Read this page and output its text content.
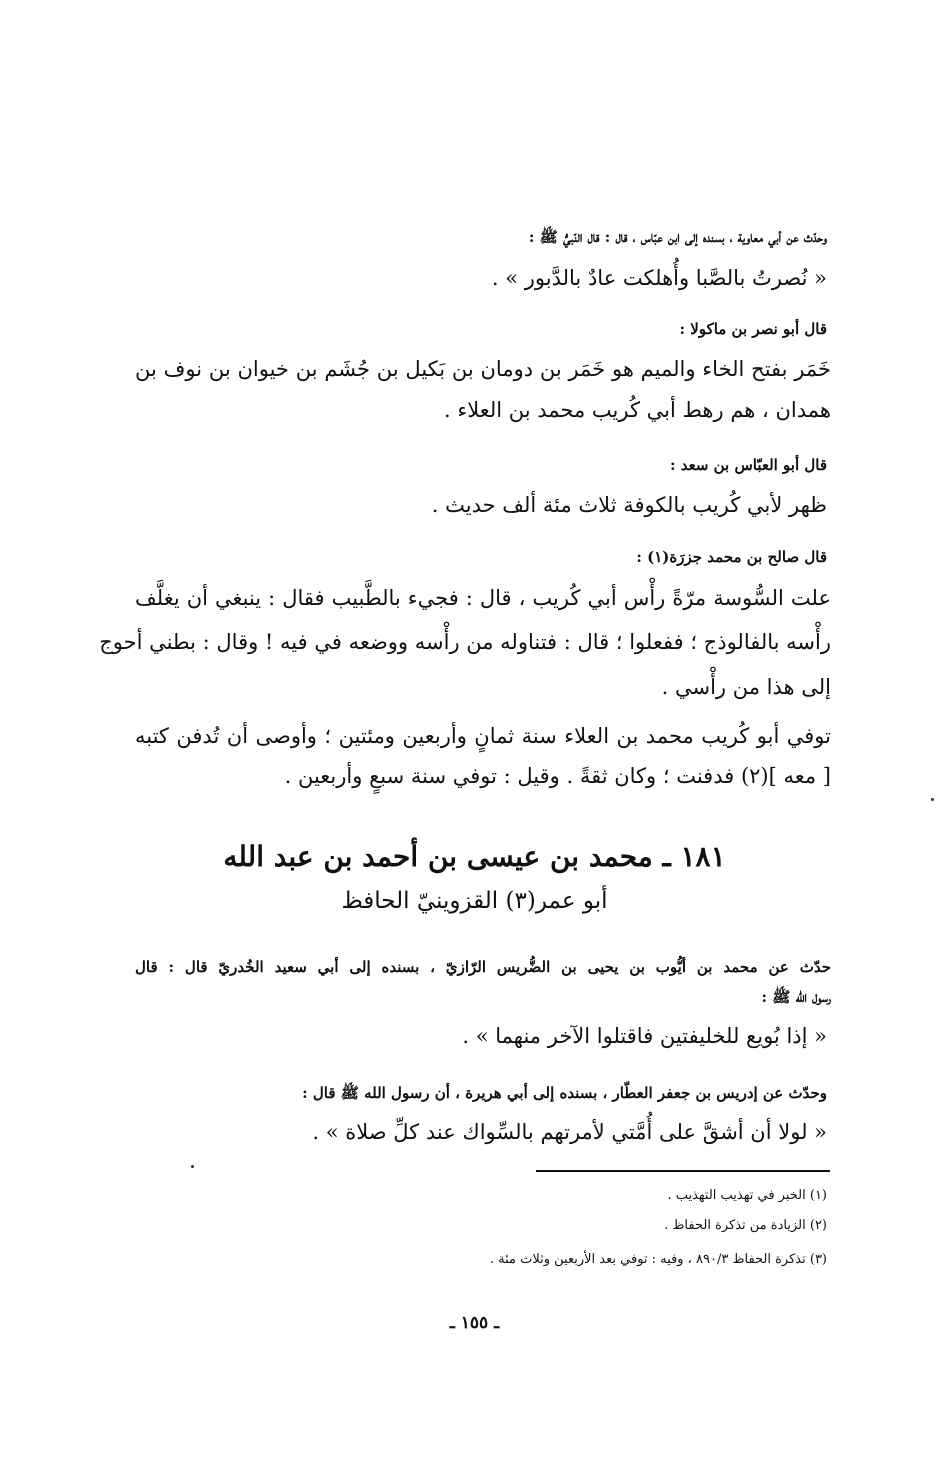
وحدّث عن أبي معاوية ، بسنده إلى ابن عبّاس ، قال : قال النّبيُّ ﷺ :
« نُصرتُ بالصَّبا وأُهلكت عادٌ بالدَّبور » .
قال أبو نصر بن ماكولا :
خَمَر بفتح الخاء والميم هو خَمَر بن دومان بن بَكيل بن جُشَم بن خيوان بن نوف بن
همدان ، هم رهط أبي كُريب محمد بن العلاء .
قال أبو العبّاس بن سعد :
ظهر لأبي كُريب بالكوفة ثلاث مئة ألف حديث .
قال صالح بن محمد جزرَة(١) :
علت السُّوسة مرّةً رأْس أبي كُريب ، قال : فجيء بالطَّبيب فقال : ينبغي أن يغلَّف
رأْسه بالفالوذج ؛ ففعلوا ؛ قال : فتناوله من رأْسه ووضعه في فيه ! وقال : بطني أحوج
إلى هذا من رأْسي .
توفي أبو كُريب محمد بن العلاء سنة ثمانٍ وأربعين ومئتين ؛ وأوصى أن تُدفن كتبه
[ معه ](٢) فدفنت ؛ وكان ثقةً . وقيل : توفي سنة سبعٍ وأربعين .
١٨١ ـ محمد بن عيسى بن أحمد بن عبد الله
أبو عمر(٣) القزوينيّ الحافظ
حدّث عن محمد بن أيُّوب بن يحيى بن الضُّريس الرّازيّ ، بسنده إلى أبي سعيد الخُدريّ قال : قال
رسول الله ﷺ :
« إذا بُويع للخليفتين فاقتلوا الآخر منهما » .
وحدّث عن إدريس بن جعفر العطّار ، بسنده إلى أبي هريرة ، أن رسول الله ﷺ قال :
« لولا أن أشقَّ على أُمَّتي لأمرتهم بالسِّواك عند كلِّ صلاة » .
(١) الخبر في تهذيب التهذيب .
(٢) الزيادة من تذكرة الحفاظ .
(٣) تذكرة الحفاظ ٨٩٠/٣ ، وفيه : توفي بعد الأربعين وثلاث مئة .
ـ ١٥٥ ـ
